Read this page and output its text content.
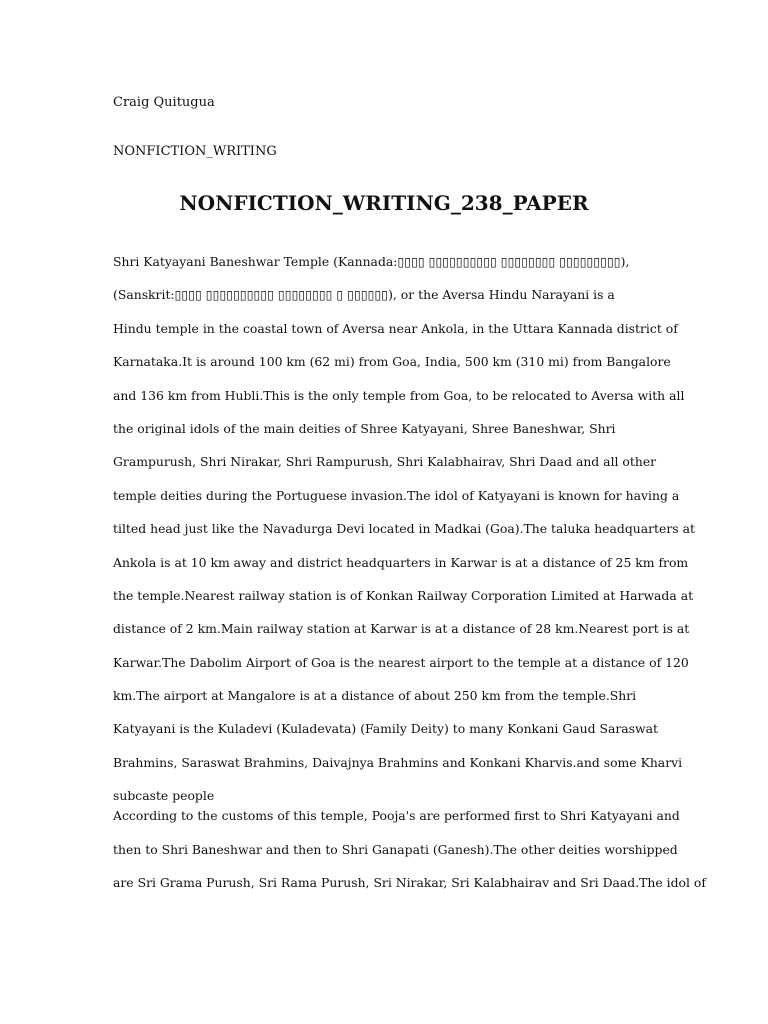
Craig Quitugua
NONFICTION_WRITING
NONFICTION_WRITING_238_PAPER
Shri Katyayani Baneshwar Temple (Kannada:▯▯▯▯ ▯▯▯▯▯▯▯▯▯▯ ▯▯▯▯▯▯▯▯ ▯▯▯▯▯▯▯▯▯),
(Sanskrit:▯▯▯▯ ▯▯▯▯▯▯▯▯▯▯ ▯▯▯▯▯▯▯▯ ▯ ▯▯▯▯▯▯), or the Aversa Hindu Narayani is a
Hindu temple in the coastal town of Aversa near Ankola, in the Uttara Kannada district of
Karnataka.It is around 100 km (62 mi) from Goa, India, 500 km (310 mi) from Bangalore
and 136 km from Hubli.This is the only temple from Goa, to be relocated to Aversa with all
the original idols of the main deities of Shree Katyayani, Shree Baneshwar, Shri
Grampurush, Shri Nirakar, Shri Rampurush, Shri Kalabhairav, Shri Daad and all other
temple deities during the Portuguese invasion.The idol of Katyayani is known for having a
tilted head just like the Navadurga Devi located in Madkai (Goa).The taluka headquarters at
Ankola is at 10 km away and district headquarters in Karwar is at a distance of 25 km from
the temple.Nearest railway station is of Konkan Railway Corporation Limited at Harwada at
distance of 2 km.Main railway station at Karwar is at a distance of 28 km.Nearest port is at
Karwar.The Dabolim Airport of Goa is the nearest airport to the temple at a distance of 120
km.The airport at Mangalore is at a distance of about 250 km from the temple.Shri
Katyayani is the Kuladevi (Kuladevata) (Family Deity) to many Konkani Gaud Saraswat
Brahmins, Saraswat Brahmins, Daivajnya Brahmins and Konkani Kharvis.and some Kharvi
subcaste people
According to the customs of this temple, Pooja's are performed first to Shri Katyayani and
then to Shri Baneshwar and then to Shri Ganapati (Ganesh).The other deities worshipped
are Sri Grama Purush, Sri Rama Purush, Sri Nirakar, Sri Kalabhairav and Sri Daad.The idol of
